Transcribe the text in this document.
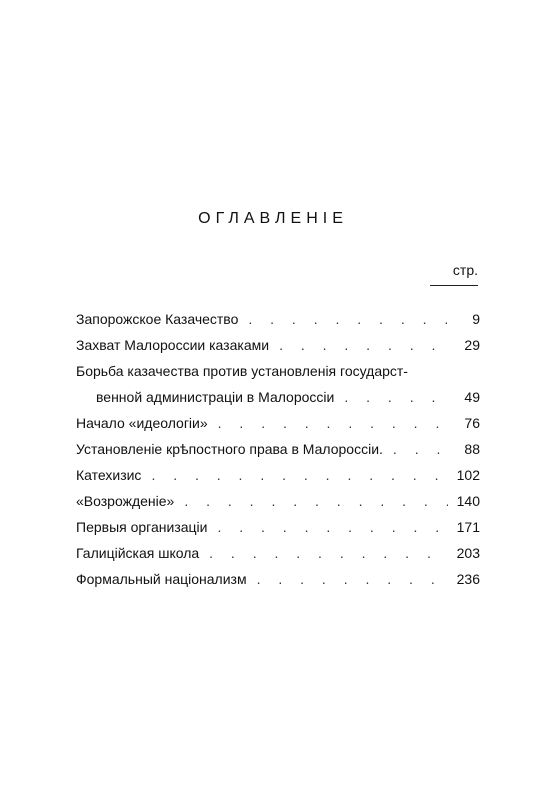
ОГЛАВЛЕНIЕ
стр.
Запорожское Казачество . . .	9
Захват Малороссии казаками . . .	29
Борьба казачества против установленія государст-
венной администраціи в Малороссіи . . .	49
Начало «идеологіи» . . .	76
Установленіе крѣпостного права в Малороссіи. . . .	88
Катехизис . . .	102
«Возрожденіе» . . .	140
Первыя организаціи . . .	171
Галиційская школа . . .	203
Формальный націонализм . . .	236
